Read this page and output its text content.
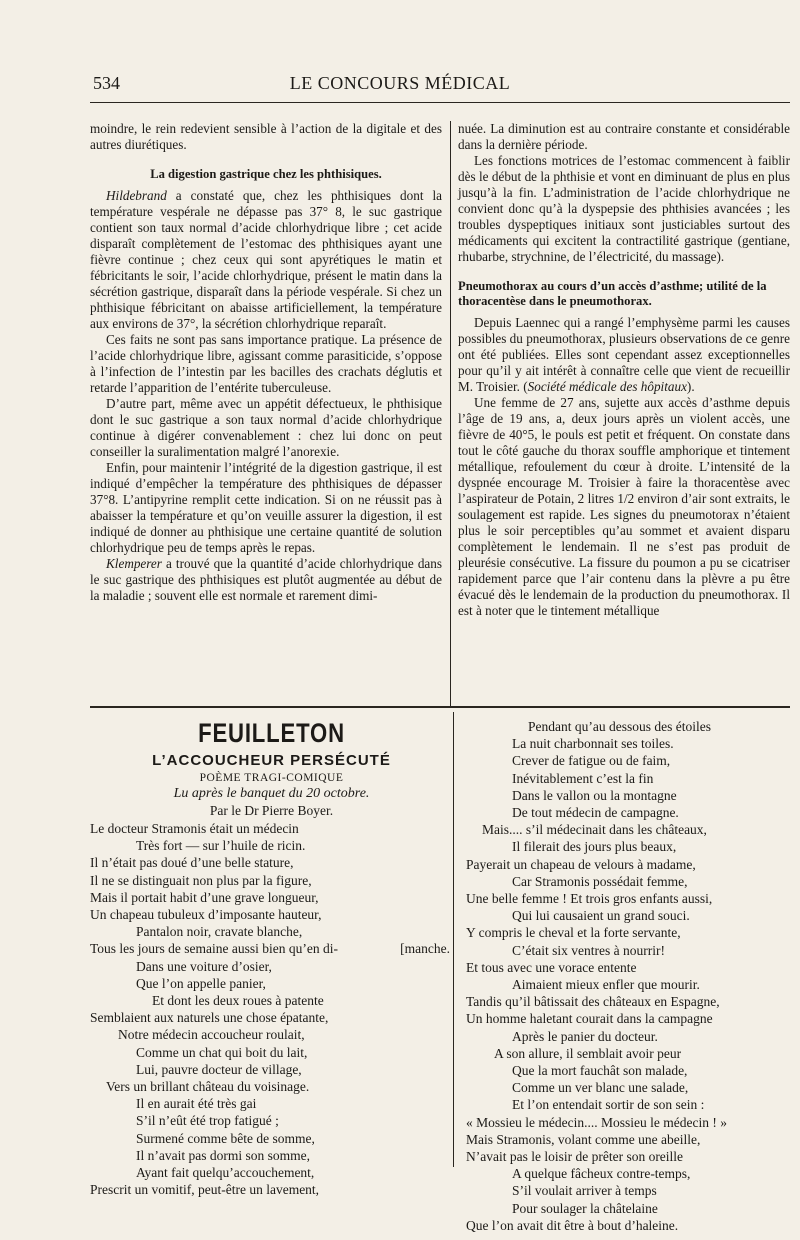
534	LE CONCOURS MÉDICAL

moindre, le rein redevient sensible à l’action de la digitale et des autres diurétiques.

La digestion gastrique chez les phthisiques.

Hildebrand a constaté que, chez les phthisiques dont la température vespérale ne dépasse pas 37° 8, le suc gastrique contient son taux normal d’acide chlorhydrique libre ; cet acide disparaît complètement de l’estomac des phthisiques ayant une fièvre continue ; chez ceux qui sont apyrétiques le matin et fébricitants le soir, l’acide chlorhydrique, présent le matin dans la sécrétion gastrique, disparaît dans la période vespérale. Si chez un phthisique fébricitant on abaisse artificiellement, la température aux environs de 37°, la sécrétion chlorhydrique reparaît.

Ces faits ne sont pas sans importance pratique. La présence de l’acide chlorhydrique libre, agissant comme parasiticide, s’oppose à l’infection de l’intestin par les bacilles des crachats déglutis et retarde l’apparition de l’entérite tuberculeuse.

D’autre part, même avec un appétit défectueux, le phthisique dont le suc gastrique a son taux normal d’acide chlorhydrique continue à digérer convenablement : chez lui donc on peut conseiller la suralimentation malgré l’anorexie.

Enfin, pour maintenir l’intégrité de la digestion gastrique, il est indiqué d’empêcher la température des phthisiques de dépasser 37°8. L’antipyrine remplit cette indication. Si on ne réussit pas à abaisser la température et qu’on veuille assurer la digestion, il est indiqué de donner au phthisique une certaine quantité de solution chlorhydrique peu de temps après le repas.

Klemperer a trouvé que la quantité d’acide chlorhydrique dans le suc gastrique des phthisiques est plutôt augmentée au début de la maladie ; souvent elle est normale et rarement dimi-

nuée. La diminution est au contraire constante et considérable dans la dernière période.

Les fonctions motrices de l’estomac commencent à faiblir dès le début de la phthisie et vont en diminuant de plus en plus jusqu’à la fin. L’administration de l’acide chlorhydrique ne convient donc qu’à la dyspepsie des phthisies avancées ; les troubles dyspeptiques initiaux sont justiciables surtout des médicaments qui excitent la contractilité gastrique (gentiane, rhubarbe, strychnine, de l’électricité, du massage).

Pneumothorax au cours d’un accès d’asthme; utilité de la thoracentèse dans le pneumothorax.

Depuis Laennec qui a rangé l’emphysème parmi les causes possibles du pneumothorax, plusieurs observations de ce genre ont été publiées. Elles sont cependant assez exceptionnelles pour qu’il y ait intérêt à connaître celle que vient de recueillir M. Troisier. (Société médicale des hôpitaux).

Une femme de 27 ans, sujette aux accès d’asthme depuis l’âge de 19 ans, a, deux jours après un violent accès, une fièvre de 40°5, le pouls est petit et fréquent. On constate dans tout le côté gauche du thorax souffle amphorique et tintement métallique, refoulement du cœur à droite. L’intensité de la dyspnée encourage M. Troisier à faire la thoracentèse avec l’aspirateur de Potain, 2 litres 1/2 environ d’air sont extraits, le soulagement est rapide. Les signes du pneumotorax n’étaient plus le soir perceptibles qu’au sommet et avaient disparu complètement le lendemain. Il ne s’est pas produit de pleurésie consécutive. La fissure du poumon a pu se cicatriser rapidement parce que l’air contenu dans la plèvre a pu être évacué dès le lendemain de la production du pneumothorax. Il est à noter que le tintement métallique

FEUILLETON
L’ACCOUCHEUR PERSÉCUTÉ
POÈME TRAGI-COMIQUE
Lu après le banquet du 20 octobre.
Par le Dr Pierre Boyer.
Le docteur Stramonis était un médecin
Très fort — sur l’huile de ricin.
Il n’était pas doué d’une belle stature,
Il ne se distinguait non plus par la figure,
Mais il portait habit d’une grave longueur,
Un chapeau tubuleux d’imposante hauteur,
Pantalon noir, cravate blanche,
Tous les jours de semaine aussi bien qu’en di-	[manche.
Dans une voiture d’osier,
Que l’on appelle panier,
Et dont les deux roues à patente
Semblaient aux naturels une chose épatante,
Notre médecin accoucheur roulait,
Comme un chat qui boit du lait,
Lui, pauvre docteur de village,
Vers un brillant château du voisinage.
Il en aurait été très gai
S’il n’eût été trop fatigué ;
Surmené comme bête de somme,
Il n’avait pas dormi son somme,
Ayant fait quelqu’accouchement,
Prescrit un vomitif, peut-être un lavement,
Pendant qu’au dessous des étoiles
La nuit charbonnait ses toiles.
Crever de fatigue ou de faim,
Inévitablement c’est la fin
Dans le vallon ou la montagne
De tout médecin de campagne.
Mais.... s’il médecinait dans les châteaux,
Il filerait des jours plus beaux,
Payerait un chapeau de velours à madame,
Car Stramonis possédait femme,
Une belle femme ! Et trois gros enfants aussi,
Qui lui causaient un grand souci.
Y compris le cheval et la forte servante,
C’était six ventres à nourrir!
Et tous avec une vorace entente
Aimaient mieux enfler que mourir.
Tandis qu’il bâtissait des châteaux en Espagne,
Un homme haletant courait dans la campagne
Après le panier du docteur.
A son allure, il semblait avoir peur
Que la mort fauchât son malade,
Comme un ver blanc une salade,
Et l’on entendait sortir de son sein :
« Mossieu le médecin.... Mossieu le médecin ! »
Mais Stramonis, volant comme une abeille,
N’avait pas le loisir de prêter son oreille
A quelque fâcheux contre-temps,
S’il voulait arriver à temps
Pour soulager la châtelaine
Que l’on avait dit être à bout d’haleine.
